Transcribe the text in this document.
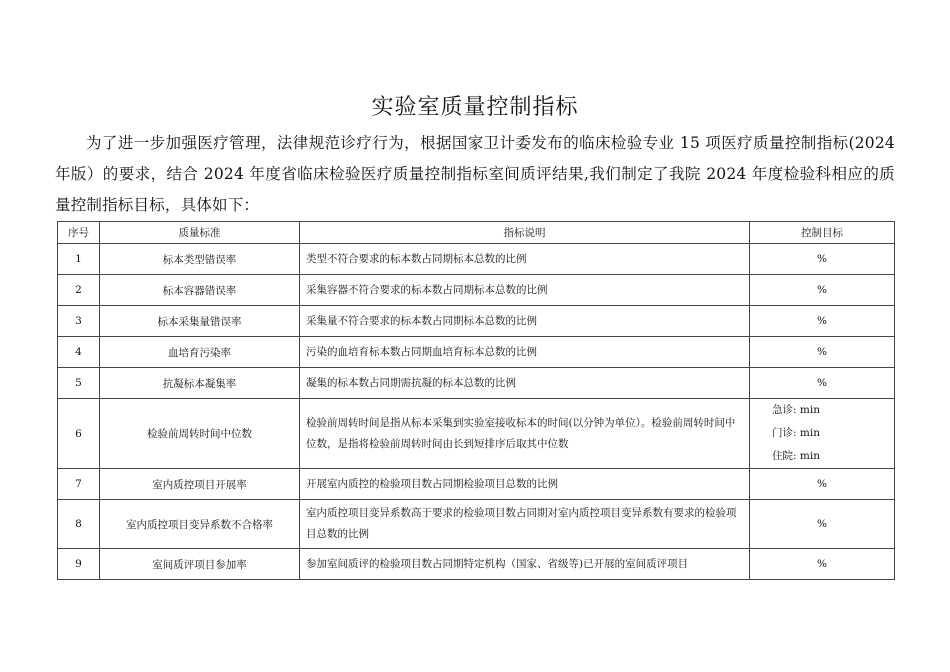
实验室质量控制指标

为了进一步加强医疗管理，法律规范诊疗行为，根据国家卫计委发布的临床检验专业 15 项医疗质量控制指标(2024 年版）的要求，结合 2024 年度省临床检验医疗质量控制指标室间质评结果,我们制定了我院 2024 年度检验科相应的质量控制指标目标，具体如下：

序号	质量标准	指标说明	控制目标
1	标本类型错误率	类型不符合要求的标本数占同期标本总数的比例	%
2	标本容器错误率	采集容器不符合要求的标本数占同期标本总数的比例	%
3	标本采集量错误率	采集量不符合要求的标本数占同期标本总数的比例	%
4	血培育污染率	污染的血培育标本数占同期血培育标本总数的比例	%
5	抗凝标本凝集率	凝集的标本数占同期需抗凝的标本总数的比例	%
6	检验前周转时间中位数	检验前周转时间是指从标本采集到实验室接收标本的时间(以分钟为单位）。检验前周转时间中位数，是指将检验前周转时间由长到短排序后取其中位数	急诊: min
门诊: min
住院: min

7	室内质控项目开展率	开展室内质控的检验项目数占同期检验项目总数的比例	%
8	室内质控项目变异系数不合格率	室内质控项目变异系数高于要求的检验项目数占同期对室内质控项目变异系数有要求的检验项目总数的比例	%
9	室间质评项目参加率	参加室间质评的检验项目数占同期特定机构（国家、省级等)已开展的室间质评项目	%
